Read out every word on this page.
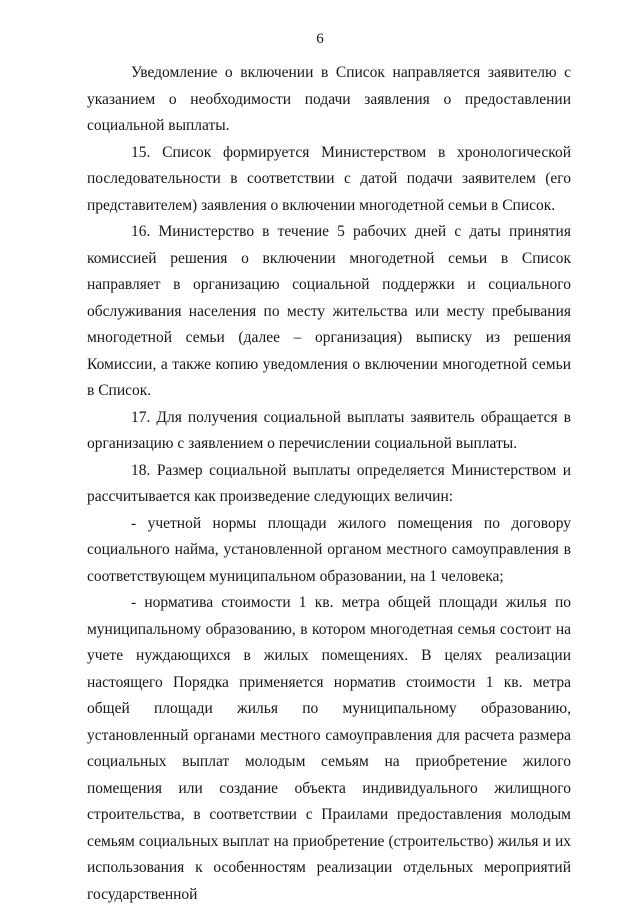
6

Уведомление о включении в Список направляется заявителю с указанием о необходимости подачи заявления о предоставлении социальной выплаты.

15. Список формируется Министерством в хронологической последовательности в соответствии с датой подачи заявителем (его представителем) заявления о включении многодетной семьи в Список.

16. Министерство в течение 5 рабочих дней с даты принятия комиссией решения о включении многодетной семьи в Список направляет в организацию социальной поддержки и социального обслуживания населения по месту жительства или месту пребывания многодетной семьи (далее – организация) выписку из решения Комиссии, а также копию уведомления о включении многодетной семьи в Список.

17. Для получения социальной выплаты заявитель обращается в организацию с заявлением о перечислении социальной выплаты.

18. Размер социальной выплаты определяется Министерством и рассчитывается как произведение следующих величин:

- учетной нормы площади жилого помещения по договору социального найма, установленной органом местного самоуправления в соответствующем муниципальном образовании, на 1 человека;

- норматива стоимости 1 кв. метра общей площади жилья по муниципальному образованию, в котором многодетная семья состоит на учете нуждающихся в жилых помещениях. В целях реализации настоящего Порядка применяется норматив стоимости 1 кв. метра общей площади жилья по муниципальному образованию, установленный органами местного самоуправления для расчета размера социальных выплат молодым семьям на приобретение жилого помещения или создание объекта индивидуального жилищного строительства, в соответствии с Праилами предоставления молодым семьям социальных выплат на приобретение (строительство) жилья и их использования к особенностям реализации отдельных мероприятий государственной
